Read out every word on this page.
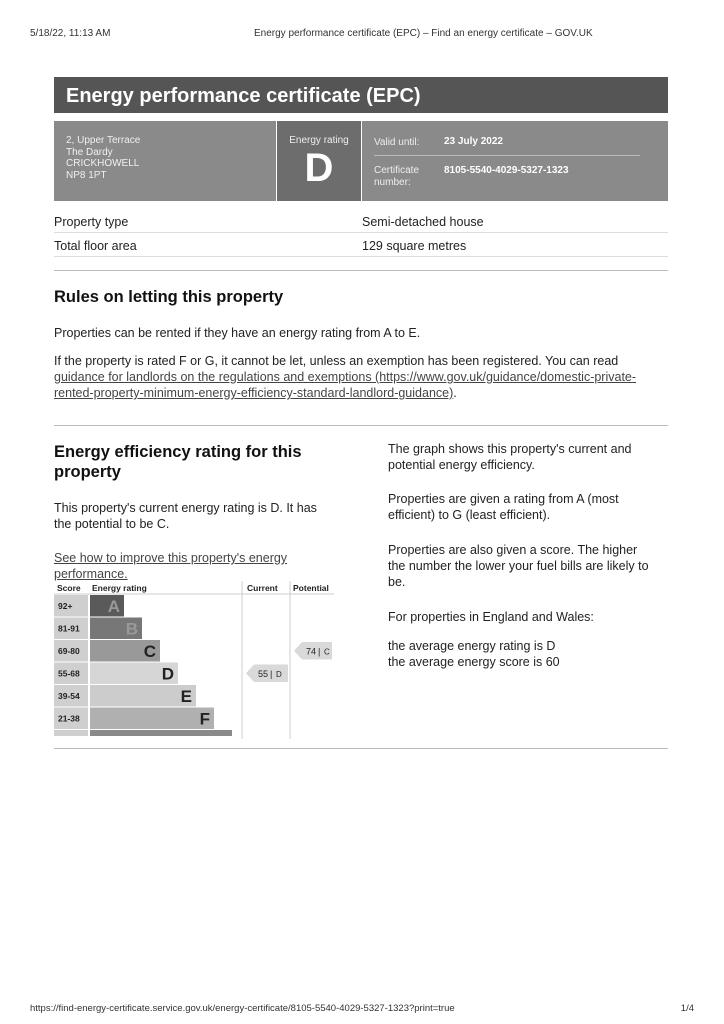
5/18/22, 11:13 AM	Energy performance certificate (EPC) – Find an energy certificate – GOV.UK
Energy performance certificate (EPC)
2, Upper Terrace
The Dardy
CRICKHOWELL
NP8 1PT
Energy rating
D
Valid until: 23 July 2022
Certificate number:
8105-5540-4029-5327-1323
Property type	Semi-detached house
Total floor area	129 square metres
Rules on letting this property
Properties can be rented if they have an energy rating from A to E.
If the property is rated F or G, it cannot be let, unless an exemption has been registered. You can read
guidance for landlords on the regulations and exemptions (https://www.gov.uk/guidance/domestic-private-
rented-property-minimum-energy-efficiency-standard-landlord-guidance).
Energy efficiency rating for this
property
This property's current energy rating is D. It has
the potential to be C.
See how to improve this property's energy
performance.
Score Energy rating	Current Potential
92+ A
81-91	B
69-80	C
55-68	D
39-54	E
21-38	F
55 | D
74 | C
The graph shows this property's current and
potential energy efficiency.
Properties are given a rating from A (most
efficient) to G (least efficient).
Properties are also given a score. The higher
the number the lower your fuel bills are likely to
be.
For properties in England and Wales:
the average energy rating is D
the average energy score is 60
https://find-energy-certificate.service.gov.uk/energy-certificate/8105-5540-4029-5327-1323?print=true	1/4
